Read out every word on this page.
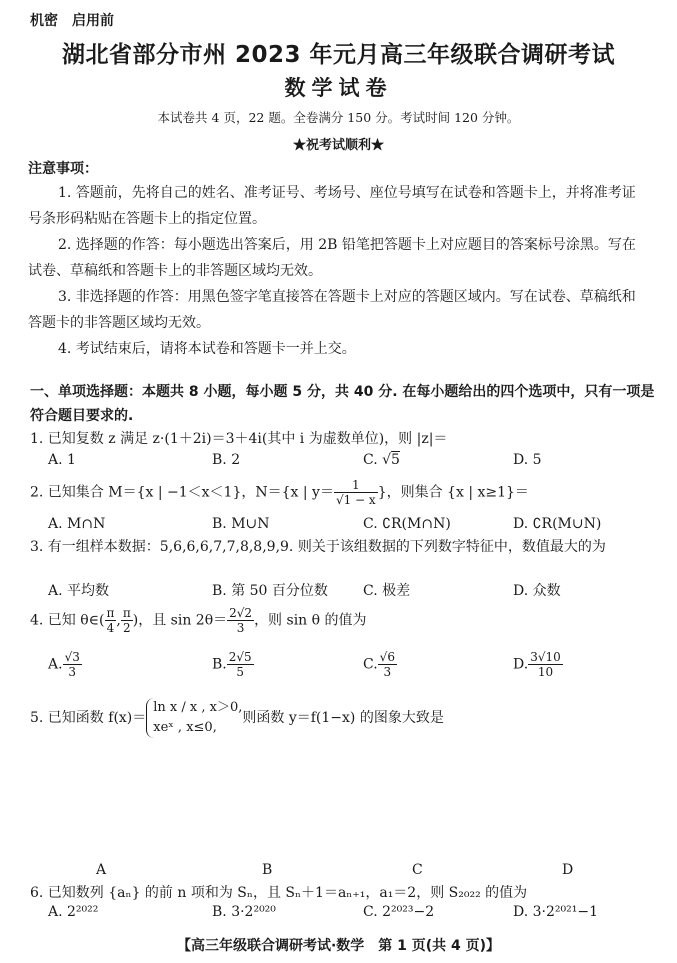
机密　启用前
湖北省部分市州 2023 年元月高三年级联合调研考试
数学试卷
本试卷共 4 页，22 题。全卷满分 150 分。考试时间 120 分钟。
★祝考试顺利★
注意事项：
1. 答题前，先将自己的姓名、准考证号、考场号、座位号填写在试卷和答题卡上，并将准考证号条形码粘贴在答题卡上的指定位置。
2. 选择题的作答：每小题选出答案后，用 2B 铅笔把答题卡上对应题目的答案标号涂黑。写在试卷、草稿纸和答题卡上的非答题区域均无效。
3. 非选择题的作答：用黑色签字笔直接答在答题卡上对应的答题区域内。写在试卷、草稿纸和答题卡的非答题区域均无效。
4. 考试结束后，请将本试卷和答题卡一并上交。
一、单项选择题：本题共 8 小题，每小题 5 分，共 40 分. 在每小题给出的四个选项中，只有一项是符合题目要求的.
1. 已知复数 z 满足 z·(1＋2i)＝3＋4i(其中 i 为虚数单位)，则 |z|＝
A. 1	B. 2	C. √5	D. 5
2. 已知集合 M＝{x | −1＜x＜1}，N＝{x | $y= \frac{1}{√1 - x}$ }，则集合 {x | x≥1}＝
A. M∩N	B. M∪N	C. ∁R(M∩N)	D. ∁R(M∪N)
3. 有一组样本数据：5,6,6,6,7,7,8,8,9,9. 则关于该组数据的下列数字特征中，数值最大的为
A. 平均数	B. 第 50 百分位数	C. 极差	D. 众数
4. 已知 θ∈( $\frac{\pi}{4}$ , $\frac{\pi}{2}$ )，且 $\sin 2\theta= \frac{2√2}{3}$ ，则 sin θ 的值为
A. $\frac{√3}{3}$	B. $\frac{2√5}{5}$	C. $\frac{√6}{3}$	D. $\frac{3√10}{10}$
5. 已知函数 f(x)＝
ln x / x , x＞0,
xeˣ , x≤0,
则函数 y＝f(1−x) 的图象大致是
A	B	C	D
6. 已知数列 {aₙ} 的前 n 项和为 Sₙ，且 Sₙ＋1＝aₙ₊₁，a₁＝2，则 S₂₀₂₂ 的值为
A. 2²⁰²²	B. 3·2²⁰²⁰	C. 2²⁰²³−2	D. 3·2²⁰²¹−1
【高三年级联合调研考试·数学　第 1 页(共 4 页)】
